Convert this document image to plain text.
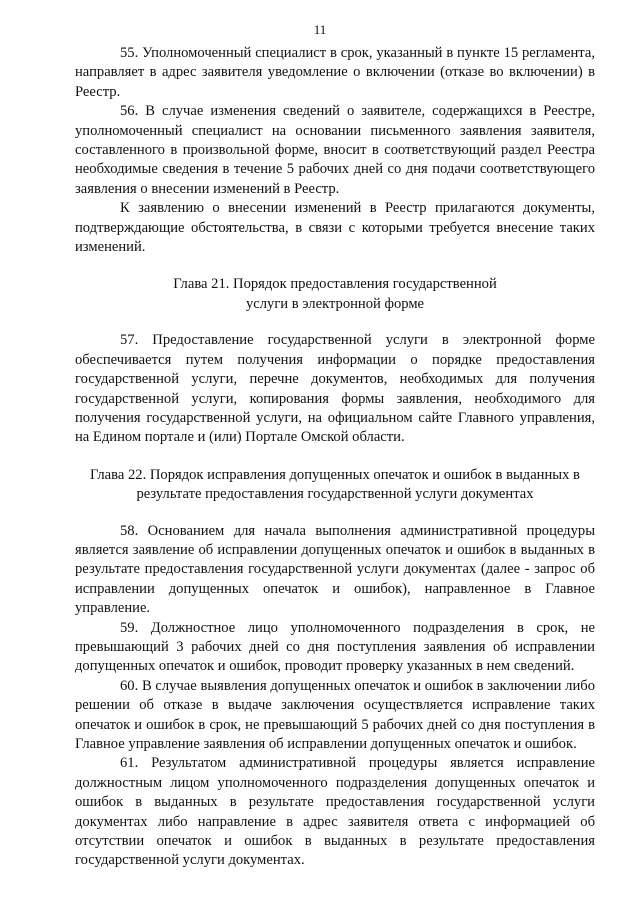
11

55. Уполномоченный специалист в срок, указанный в пункте 15 регламента, направляет в адрес заявителя уведомление о включении (отказе во включении) в Реестр.

56. В случае изменения сведений о заявителе, содержащихся в Реестре, уполномоченный специалист на основании письменного заявления заявителя, составленного в произвольной форме, вносит в соответствующий раздел Реестра необходимые сведения в течение 5 рабочих дней со дня подачи соответствующего заявления о внесении изменений в Реестр.

К заявлению о внесении изменений в Реестр прилагаются документы, подтверждающие обстоятельства, в связи с которыми требуется внесение таких изменений.

Глава 21. Порядок предоставления государственной

услуги в электронной форме

57. Предоставление государственной услуги в электронной форме обеспечивается путем получения информации о порядке предоставления государственной услуги, перечне документов, необходимых для получения государственной услуги, копирования формы заявления, необходимого для получения государственной услуги, на официальном сайте Главного управления, на Едином портале и (или) Портале Омской области.

Глава 22. Порядок исправления допущенных опечаток и ошибок в выданных в

результате предоставления государственной услуги документах

58. Основанием для начала выполнения административной процедуры является заявление об исправлении допущенных опечаток и ошибок в выданных в результате предоставления государственной услуги документах (далее - запрос об исправлении допущенных опечаток и ошибок), направленное в Главное управление.

59. Должностное лицо уполномоченного подразделения в срок, не превышающий 3 рабочих дней со дня поступления заявления об исправлении допущенных опечаток и ошибок, проводит проверку указанных в нем сведений.

60. В случае выявления допущенных опечаток и ошибок в заключении либо решении об отказе в выдаче заключения осуществляется исправление таких опечаток и ошибок в срок, не превышающий 5 рабочих дней со дня поступления в Главное управление заявления об исправлении допущенных опечаток и ошибок.

61. Результатом административной процедуры является исправление должностным лицом уполномоченного подразделения допущенных опечаток и ошибок в выданных в результате предоставления государственной услуги документах либо направление в адрес заявителя ответа с информацией об отсутствии опечаток и ошибок в выданных в результате предоставления государственной услуги документах.
